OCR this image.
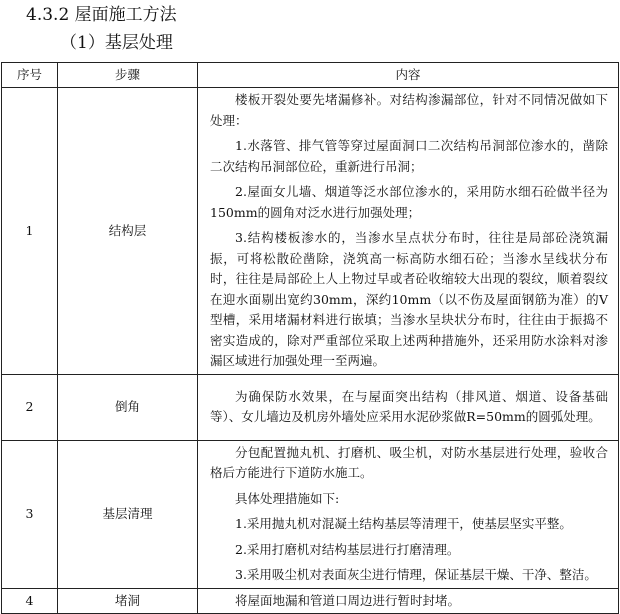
4.3.2 屋面施工方法
（1）基层处理
序号	步骤	内容
1	结构层	楼板开裂处要先堵漏修补。对结构渗漏部位，针对不同情况做如下处理：
1.水落管、排气管等穿过屋面洞口二次结构吊洞部位渗水的，凿除二次结构吊洞部位砼，重新进行吊洞；
2.屋面女儿墙、烟道等泛水部位渗水的，采用防水细石砼做半径为150mm的圆角对泛水进行加强处理；
3.结构楼板渗水的，当渗水呈点状分布时，往往是局部砼浇筑漏振，可将松散砼凿除，浇筑高一标高防水细石砼；当渗水呈线状分布时，往往是局部砼上人上物过早或者砼收缩较大出现的裂纹，顺着裂纹在迎水面剔出宽约30mm，深约10mm（以不伤及屋面钢筋为准）的V型槽，采用堵漏材料进行嵌填；当渗水呈块状分布时，往往由于振捣不密实造成的，除对严重部位采取上述两种措施外，还采用防水涂料对渗漏区域进行加强处理一至两遍。

2	倒角	为确保防水效果，在与屋面突出结构（排风道、烟道、设备基础等）、女儿墙边及机房外墙处应采用水泥砂浆做R=50mm的圆弧处理。

3	基层清理	分包配置抛丸机、打磨机、吸尘机，对防水基层进行处理，验收合格后方能进行下道防水施工。
具体处理措施如下:
1.采用抛丸机对混凝土结构基层等清理干，使基层坚实平整。
2.采用打磨机对结构基层进行打磨清理。
3.采用吸尘机对表面灰尘进行情理，保证基层干燥、干净、整洁。

4	堵洞	将屋面地漏和管道口周边进行暂时封堵。
